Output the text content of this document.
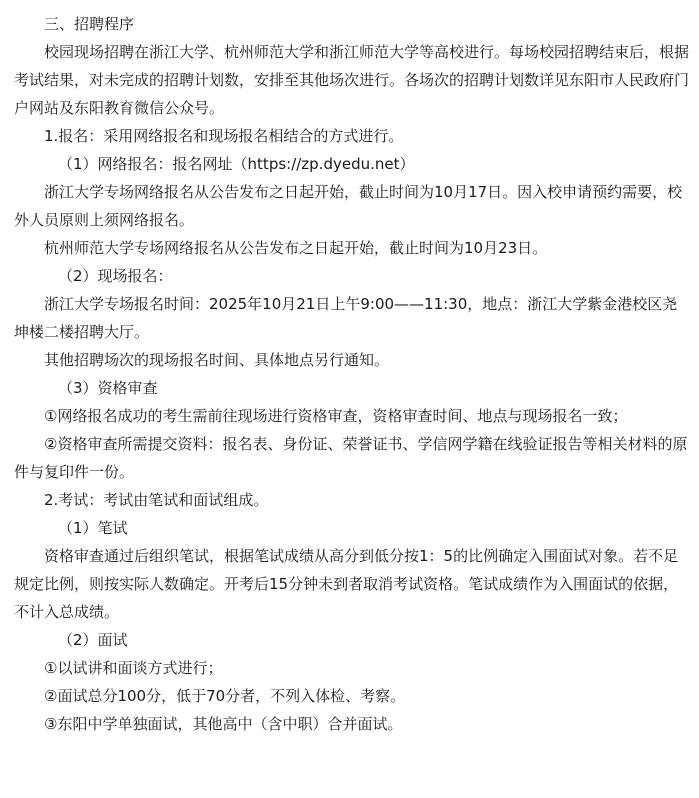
三、招聘程序

校园现场招聘在浙江大学、杭州师范大学和浙江师范大学等高校进行。每场校园招聘结束后，根据考试结果，对未完成的招聘计划数，安排至其他场次进行。各场次的招聘计划数详见东阳市人民政府门户网站及东阳教育微信公众号。

1.报名：采用网络报名和现场报名相结合的方式进行。

（1）网络报名：报名网址（https://zp.dyedu.net）

浙江大学专场网络报名从公告发布之日起开始，截止时间为10月17日。因入校申请预约需要，校外人员原则上须网络报名。

杭州师范大学专场网络报名从公告发布之日起开始，截止时间为10月23日。

（2）现场报名：

浙江大学专场报名时间：2025年10月21日上午9:00——11:30，地点：浙江大学紫金港校区尧坤楼二楼招聘大厅。

其他招聘场次的现场报名时间、具体地点另行通知。

（3）资格审查

①网络报名成功的考生需前往现场进行资格审查，资格审查时间、地点与现场报名一致；

②资格审查所需提交资料：报名表、身份证、荣誉证书、学信网学籍在线验证报告等相关材料的原件与复印件一份。

2.考试：考试由笔试和面试组成。

（1）笔试

资格审查通过后组织笔试，根据笔试成绩从高分到低分按1：5的比例确定入围面试对象。若不足规定比例，则按实际人数确定。开考后15分钟未到者取消考试资格。笔试成绩作为入围面试的依据，不计入总成绩。

（2）面试

①以试讲和面谈方式进行；

②面试总分100分，低于70分者，不列入体检、考察。

③东阳中学单独面试，其他高中（含中职）合并面试。
